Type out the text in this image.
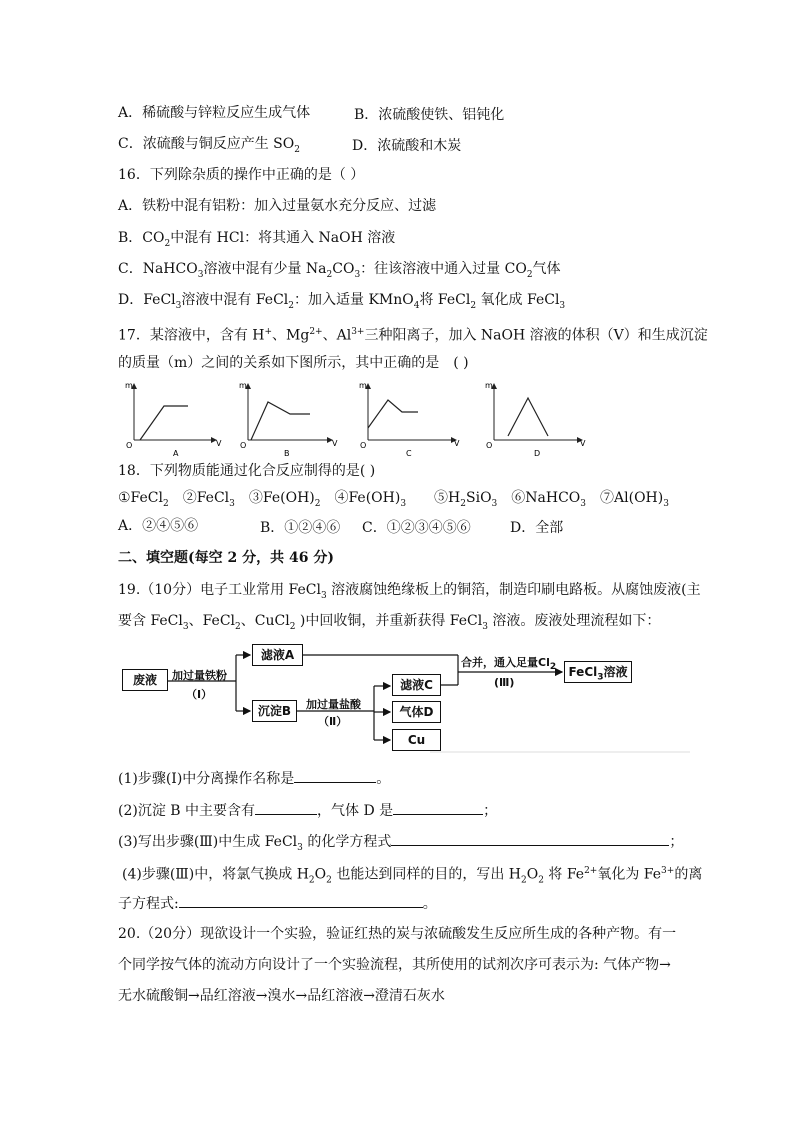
A．稀硫酸与锌粒反应生成气体	B．浓硫酸使铁、铝钝化
C．浓硫酸与铜反应产生 $SO_2$	D．浓硫酸和木炭
16．下列除杂质的操作中正确的是（ ）
A．铁粉中混有铝粉：加入过量氨水充分反应、过滤
B．$CO_2$中混有 HCl：将其通入 NaOH 溶液
C．NaHCO$_3$溶液中混有少量 $Na_2CO_3$：往该溶液中通入过量 $CO_2$气体
D．FeCl$_3$溶液中混有 FeCl$_2$：加入适量 KMnO$_4$将 FeCl$_2$ 氧化成 FeCl$_3$
17．某溶液中，含有 H+、$Mg^{2+}$、$Al^{3+}$三种阳离子，加入 NaOH 溶液的体积（V）和生成沉淀
的质量（m）之间的关系如下图所示，其中正确的是　( )
m
V
O
A
m
V
O
B
m
V
O
C
m
V
O
D
18．下列物质能通过化合反应制得的是( )
①FeCl$_2$　②FeCl$_3$　$③Fe(OH)_2$　$④Fe(OH)_3$　　$⑤H_2SiO_3$　⑥NaHCO$_3$　$⑦Al(OH)_3$
A．②④⑤⑥	B．①②④⑥ C．①②③④⑤⑥	D．全部
二、填空题(每空 2 分，共 46 分)
19.（10分）电子工业常用 FeCl$_3$ 溶液腐蚀绝缘板上的铜箔，制造印刷电路板。从腐蚀废液(主
要含 FeCl$_3$、FeCl$_2$、CuCl$_2$ )中回收铜，并重新获得 FeCl$_3$ 溶液。废液处理流程如下：
废液	加过量铁粉
（Ⅰ）
滤液A
沉淀B	加过量盐酸
（Ⅱ）
滤液C
气体D
Cu
合并，通入足量$Cl_2$
(Ⅲ)
FeCl$_3$溶液
(1)步骤(Ⅰ)中分离操作名称是	。
(2)沉淀 B 中主要含有	，气体 D 是	；
(3)写出步骤(Ⅲ)中生成 FeCl$_3$ 的化学方程式	；
(4)步骤(Ⅲ)中，将氯气换成 $H_2O_2$ 也能达到同样的目的，写出 $H_2O_2$ 将 $Fe^{2+}$氧化为 $Fe^{3+}$的离
子方程式:	。
20.（20分）现欲设计一个实验，验证红热的炭与浓硫酸发生反应所生成的各种产物。有一
个同学按气体的流动方向设计了一个实验流程，其所使用的试剂次序可表示为: 气体产物→
无水硫酸铜→品红溶液→溴水→品红溶液→澄清石灰水
